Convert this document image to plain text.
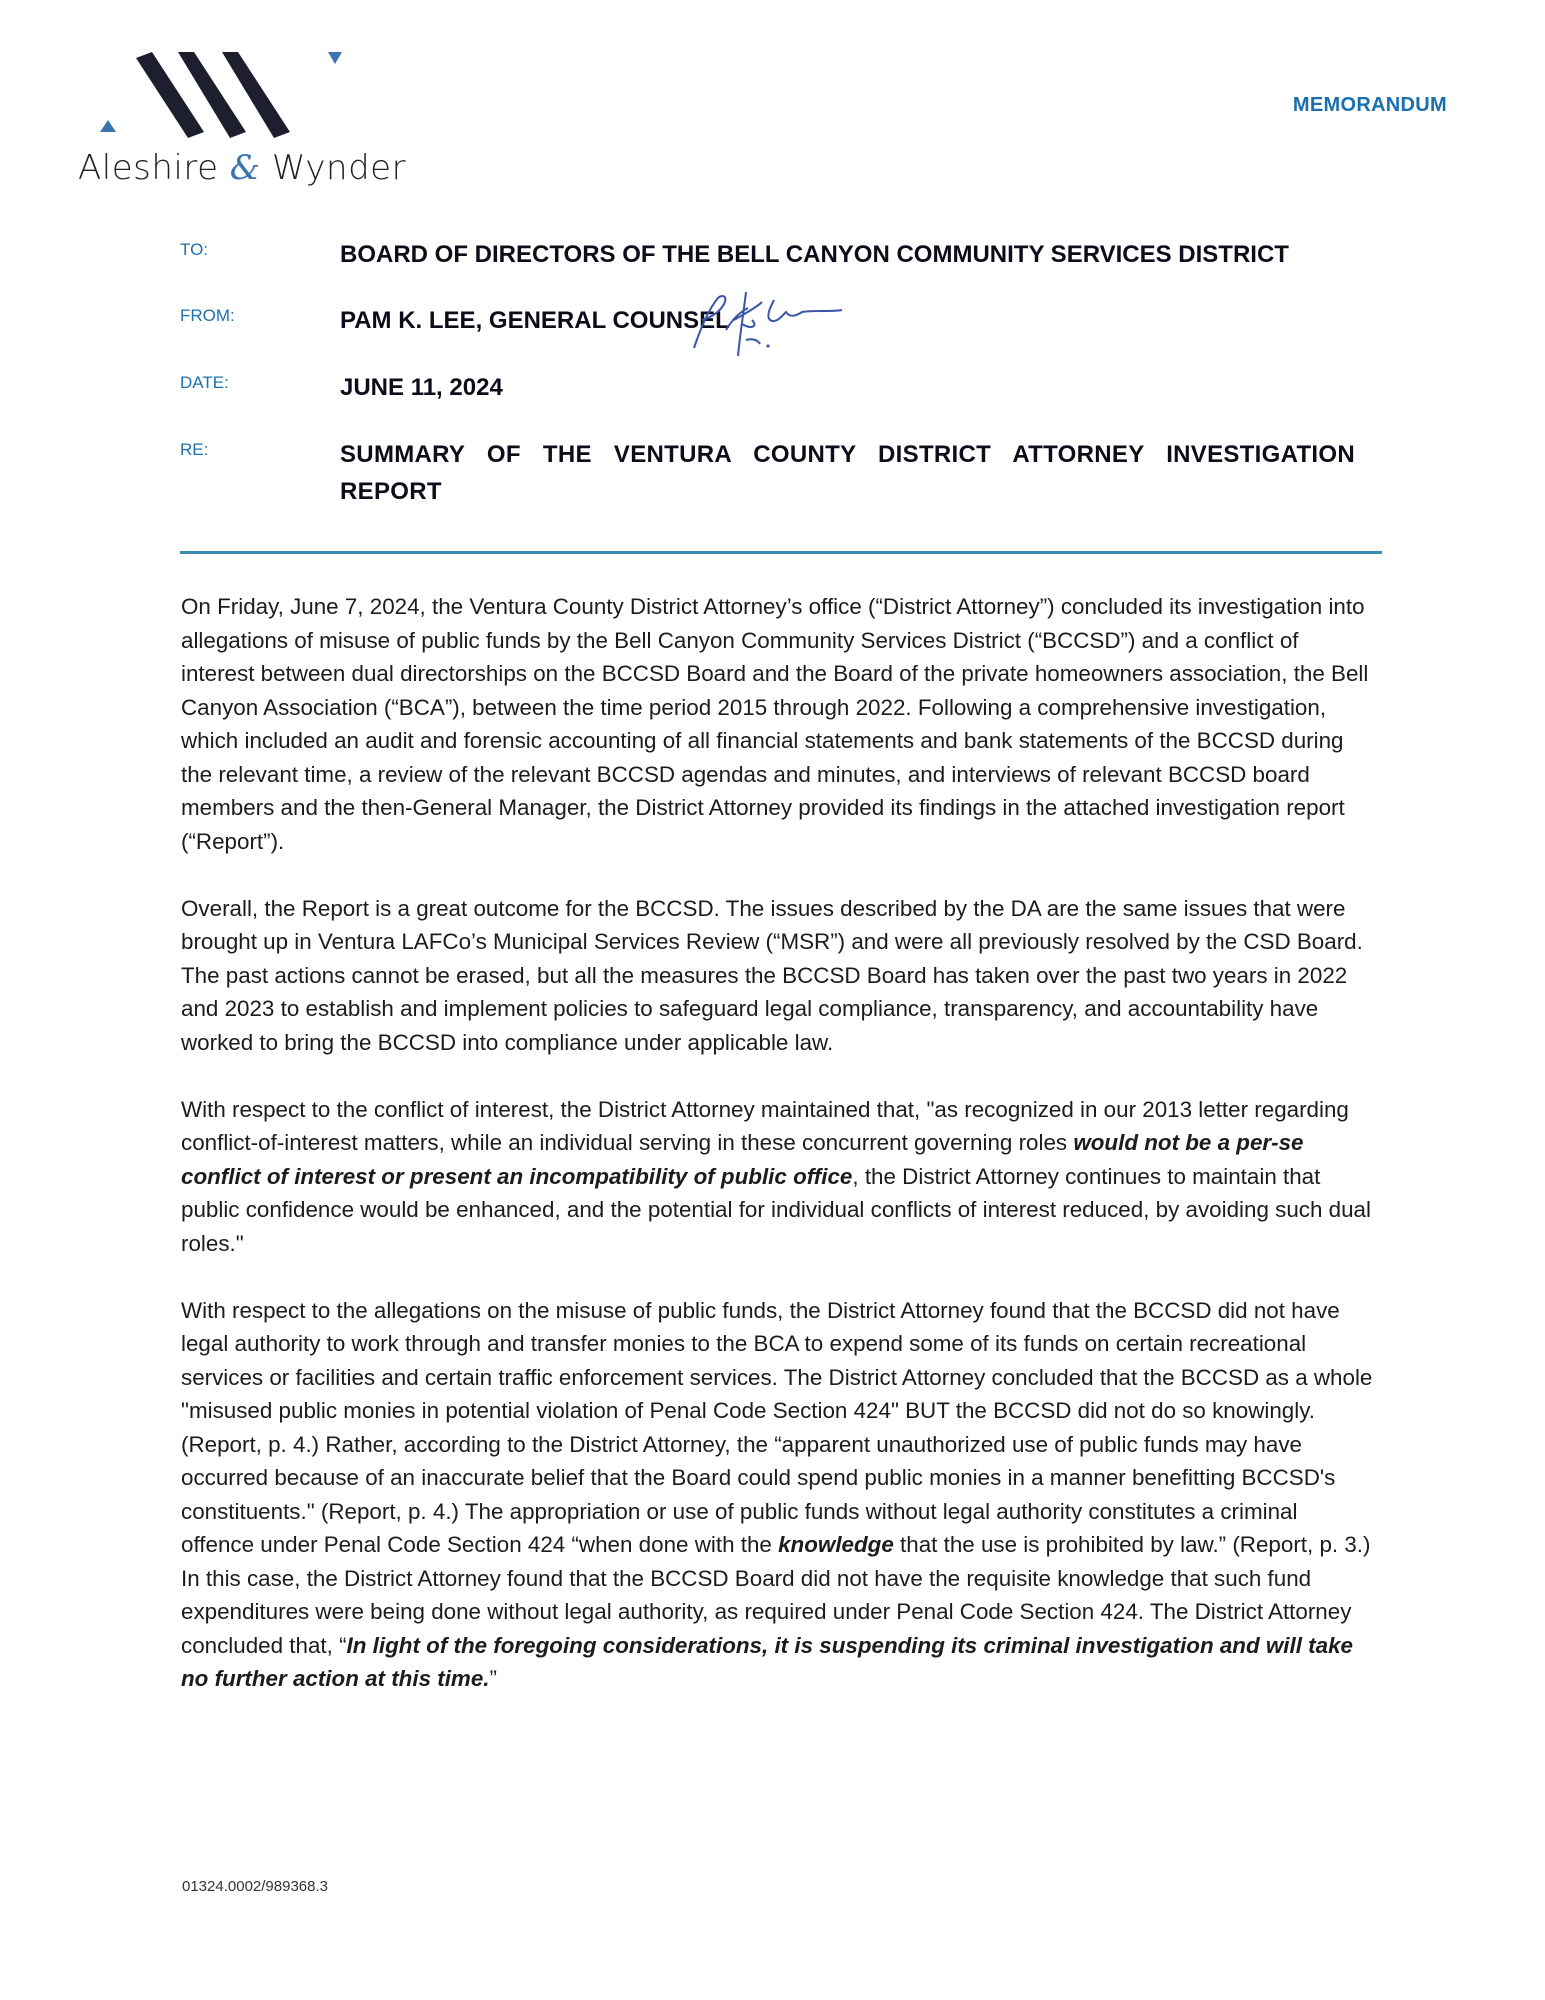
Aleshire & Wynder
MEMORANDUM
TO:	BOARD OF DIRECTORS OF THE BELL CANYON COMMUNITY SERVICES DISTRICT
FROM:	PAM K. LEE, GENERAL COUNSEL
DATE:	JUNE 11, 2024
RE:	SUMMARY OF THE VENTURA COUNTY DISTRICT ATTORNEY INVESTIGATION REPORT

On Friday, June 7, 2024, the Ventura County District Attorney’s office (“District Attorney”) concluded its investigation into allegations of misuse of public funds by the Bell Canyon Community Services District (“BCCSD”) and a conflict of interest between dual directorships on the BCCSD Board and the Board of the private homeowners association, the Bell Canyon Association (“BCA”), between the time period 2015 through 2022. Following a comprehensive investigation, which included an audit and forensic accounting of all financial statements and bank statements of the BCCSD during the relevant time, a review of the relevant BCCSD agendas and minutes, and interviews of relevant BCCSD board members and the then-General Manager, the District Attorney provided its findings in the attached investigation report (“Report”).

Overall, the Report is a great outcome for the BCCSD. The issues described by the DA are the same issues that were brought up in Ventura LAFCo’s Municipal Services Review (“MSR”) and were all previously resolved by the CSD Board. The past actions cannot be erased, but all the measures the BCCSD Board has taken over the past two years in 2022 and 2023 to establish and implement policies to safeguard legal compliance, transparency, and accountability have worked to bring the BCCSD into compliance under applicable law.

With respect to the conflict of interest, the District Attorney maintained that, "as recognized in our 2013 letter regarding conflict-of-interest matters, while an individual serving in these concurrent governing roles would not be a per-se conflict of interest or present an incompatibility of public office, the District Attorney continues to maintain that public confidence would be enhanced, and the potential for individual conflicts of interest reduced, by avoiding such dual roles."

With respect to the allegations on the misuse of public funds, the District Attorney found that the BCCSD did not have legal authority to work through and transfer monies to the BCA to expend some of its funds on certain recreational services or facilities and certain traffic enforcement services. The District Attorney concluded that the BCCSD as a whole "misused public monies in potential violation of Penal Code Section 424" BUT the BCCSD did not do so knowingly. (Report, p. 4.) Rather, according to the District Attorney, the “apparent unauthorized use of public funds may have occurred because of an inaccurate belief that the Board could spend public monies in a manner benefitting BCCSD's constituents." (Report, p. 4.) The appropriation or use of public funds without legal authority constitutes a criminal offence under Penal Code Section 424 “when done with the knowledge that the use is prohibited by law.” (Report, p. 3.) In this case, the District Attorney found that the BCCSD Board did not have the requisite knowledge that such fund expenditures were being done without legal authority, as required under Penal Code Section 424. The District Attorney concluded that, “In light of the foregoing considerations, it is suspending its criminal investigation and will take no further action at this time.”

01324.0002/989368.3
